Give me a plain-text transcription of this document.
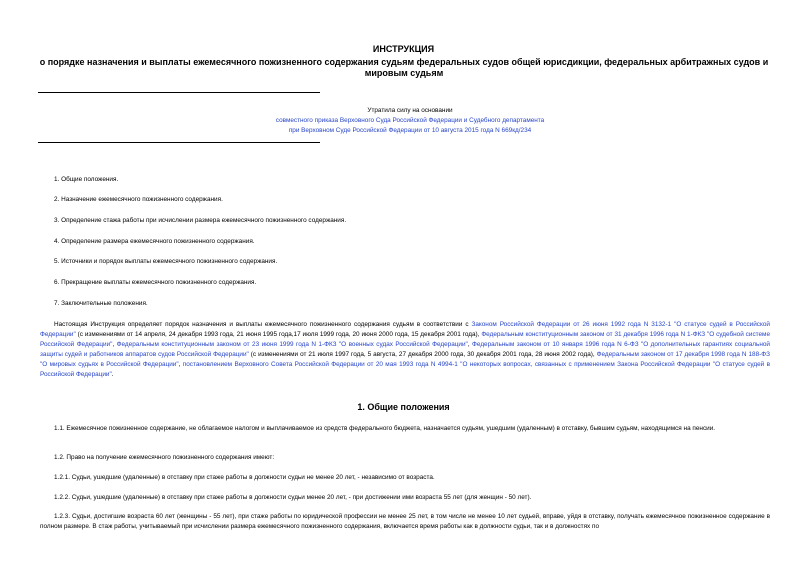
ИНСТРУКЦИЯ
о порядке назначения и выплаты ежемесячного пожизненного содержания судьям федеральных судов общей юрисдикции, федеральных арбитражных судов и мировым судьям
Утратила силу на основании
совместного приказа Верховного Суда Российской Федерации и Судебного департамента
при Верховном Суде Российской Федерации от 10 августа 2015 года N 669кд/234
1. Общие положения.
2. Назначение ежемесячного пожизненного содержания.
3. Определение стажа работы при исчислении размера ежемесячного пожизненного содержания.
4. Определение размера ежемесячного пожизненного содержания.
5. Источники и порядок выплаты ежемесячного пожизненного содержания.
6. Прекращение выплаты ежемесячного пожизненного содержания.
7. Заключительные положения.
Настоящая Инструкция определяет порядок назначения и выплаты ежемесячного пожизненного содержания судьям в соответствии с Законом Российской Федерации от 26 июня 1992 года N 3132-1 "О статусе судей в Российской Федерации" (с изменениями от 14 апреля, 24 декабря 1993 года, 21 июня 1995 года,17 июля 1999 года, 20 июня 2000 года, 15 декабря 2001 года), Федеральным конституционным законом от 31 декабря 1996 года N 1-ФКЗ "О судебной системе Российской Федерации", Федеральным конституционным законом от 23 июня 1999 года N 1-ФКЗ "О военных судах Российской Федерации", Федеральным законом от 10 января 1996 года N 6-ФЗ "О дополнительных гарантиях социальной защиты судей и работников аппаратов судов Российской Федерации" (с изменениями от 21 июля 1997 года, 5 августа, 27 декабря 2000 года, 30 декабря 2001 года, 28 июня 2002 года), Федеральным законом от 17 декабря 1998 года N 188-ФЗ "О мировых судьях в Российской Федерации", постановлением Верховного Совета Российской Федерации от 20 мая 1993 года N 4994-1 "О некоторых вопросах, связанных с применением Закона Российской Федерации "О статусе судей в Российской Федерации".
1. Общие положения
1.1. Ежемесячное пожизненное содержание, не облагаемое налогом и выплачиваемое из средств федерального бюджета, назначается судьям, ушедшим (удаленным) в отставку, бывшим судьям, находящимся на пенсии.
1.2. Право на получение ежемесячного пожизненного содержания имеют:
1.2.1. Судьи, ушедшие (удаленные) в отставку при стаже работы в должности судьи не менее 20 лет, - независимо от возраста.
1.2.2. Судьи, ушедшие (удаленные) в отставку при стаже работы в должности судьи менее 20 лет, - при достижении ими возраста 55 лет (для женщин - 50 лет).
1.2.3. Судьи, достигшие возраста 60 лет (женщины - 55 лет), при стаже работы по юридической профессии не менее 25 лет, в том числе не менее 10 лет судьей, вправе, уйдя в отставку, получать ежемесячное пожизненное содержание в полном размере. В стаж работы, учитываемый при исчислении размера ежемесячного пожизненного содержания, включается время работы как в должности судьи, так и в должностях по
